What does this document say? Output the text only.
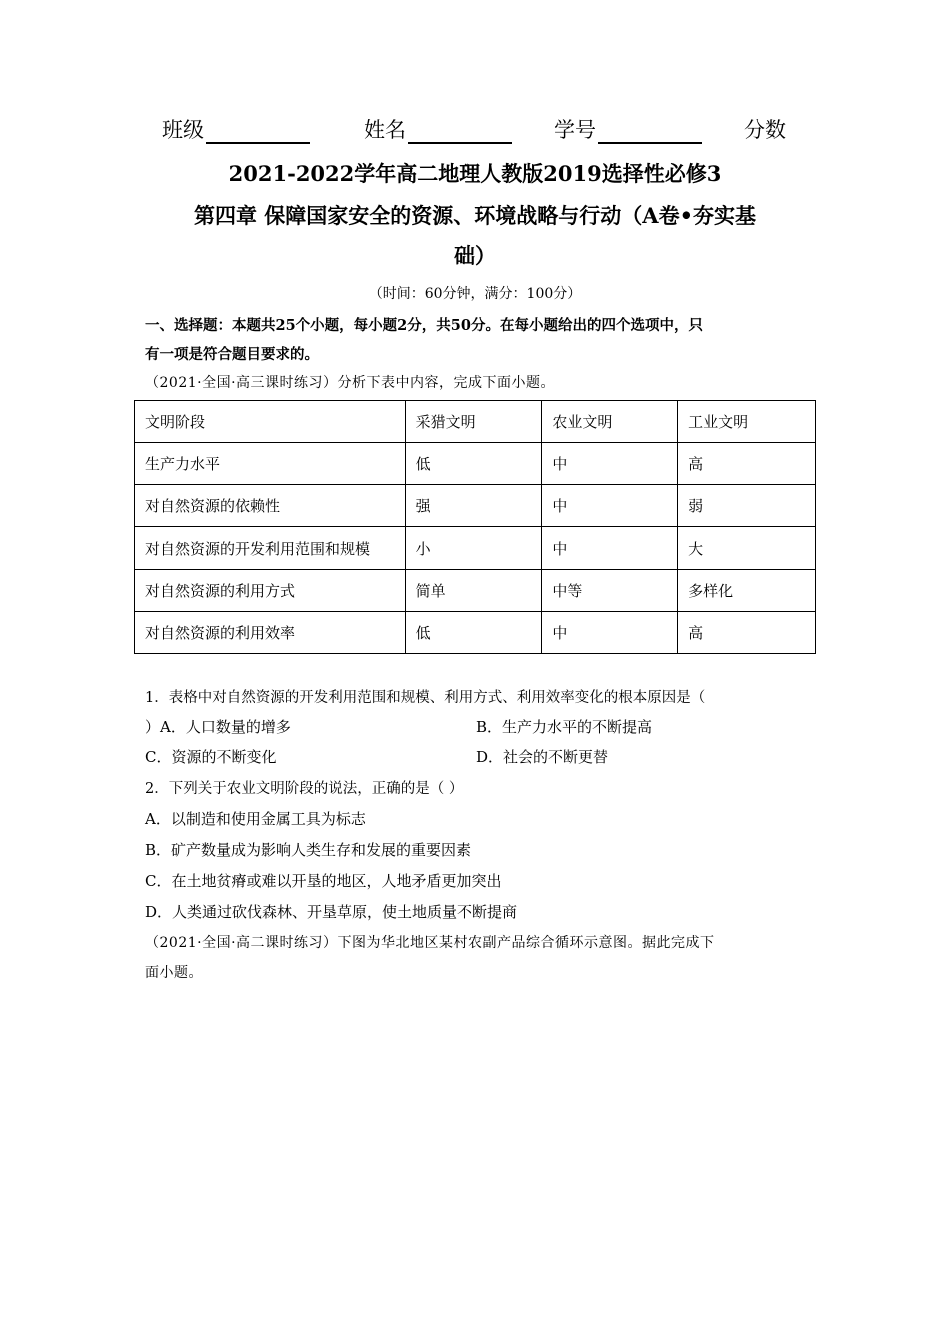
班级	姓名	学号	分数
2021-2022学年高二地理人教版2019选择性必修3
第四章 保障国家安全的资源、环境战略与行动（A卷•夯实基
础）
（时间：60分钟，满分：100分）
一、选择题：本题共25个小题，每小题2分，共50分。在每小题给出的四个选项中，只
有一项是符合题目要求的。
（2021·全国·高三课时练习）分析下表中内容，完成下面小题。
文明阶段	采猎文明	农业文明	工业文明
生产力水平	低	中	高
对自然资源的依赖性	强	中	弱
对自然资源的开发利用范围和规模	小	中	大
对自然资源的利用方式	简单	中等	多样化
对自然资源的利用效率	低	中	高
1．表格中对自然资源的开发利用范围和规模、利用方式、利用效率变化的根本原因是（
）A．人口数量的增多	B．生产力水平的不断提高
C．资源的不断变化	D．社会的不断更替
2．下列关于农业文明阶段的说法，正确的是（ ）
A．以制造和使用金属工具为标志
B．矿产数量成为影响人类生存和发展的重要因素
C．在土地贫瘠或难以开垦的地区，人地矛盾更加突出
D．人类通过砍伐森林、开垦草原，使土地质量不断提商
（2021·全国·高二课时练习）下图为华北地区某村农副产品综合循环示意图。据此完成下
面小题。
